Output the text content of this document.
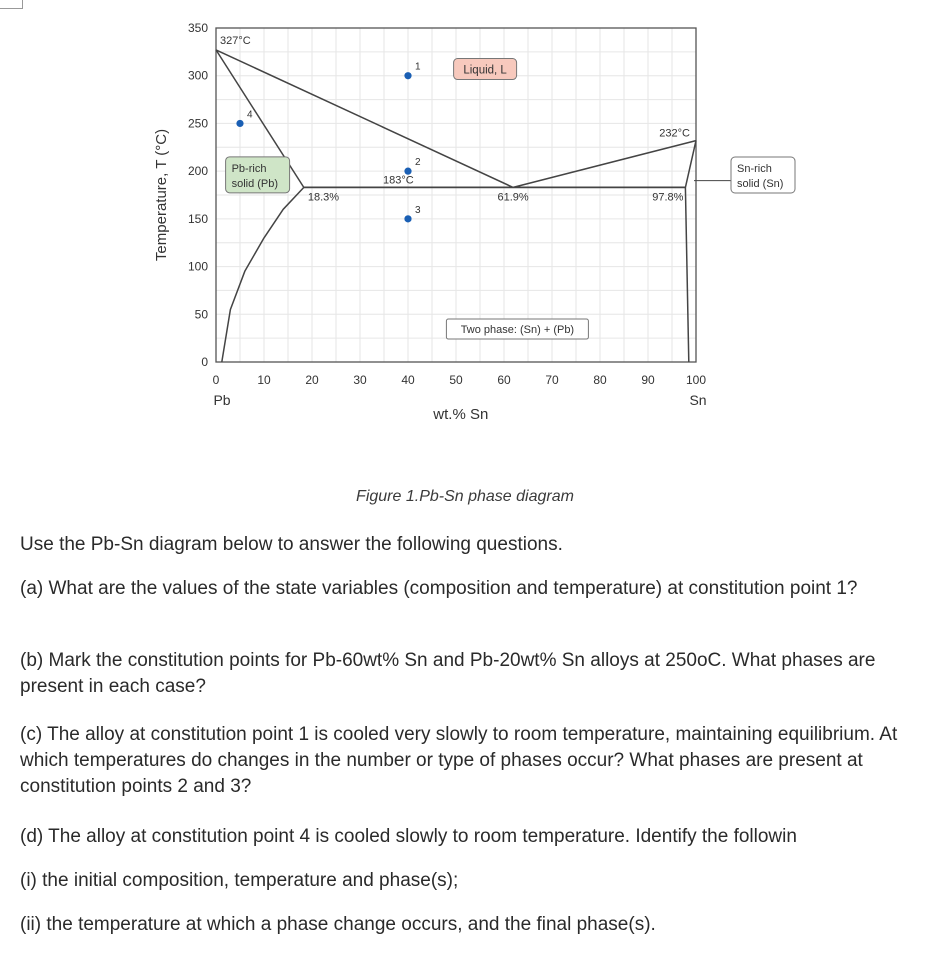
0
50
100
150
200
250
300
350
0	10	20	30	40	50	60	70	80	90	100
Pb	Sn
wt.% Sn
Temperature, T (°C)
327°C
232°C
183°C
18.3%	61.9%	97.8%
Liquid, L
Pb-rich
solid (Pb)
Sn-rich
solid (Sn)
Two phase: (Sn) + (Pb)
1
2
3
4
Figure 1.Pb-Sn phase diagram
Use the Pb-Sn diagram below to answer the following questions.
(a) What are the values of the state variables (composition and temperature) at constitution point 1?
(b) Mark the constitution points for Pb-60wt% Sn and Pb-20wt% Sn alloys at 250oC. What phases are present in each case?
(c) The alloy at constitution point 1 is cooled very slowly to room temperature, maintaining equilibrium. At which temperatures do changes in the number or type of phases occur? What phases are present at constitution points 2 and 3?
(d) The alloy at constitution point 4 is cooled slowly to room temperature. Identify the followin
(i) the initial composition, temperature and phase(s);
(ii) the temperature at which a phase change occurs, and the final phase(s).
